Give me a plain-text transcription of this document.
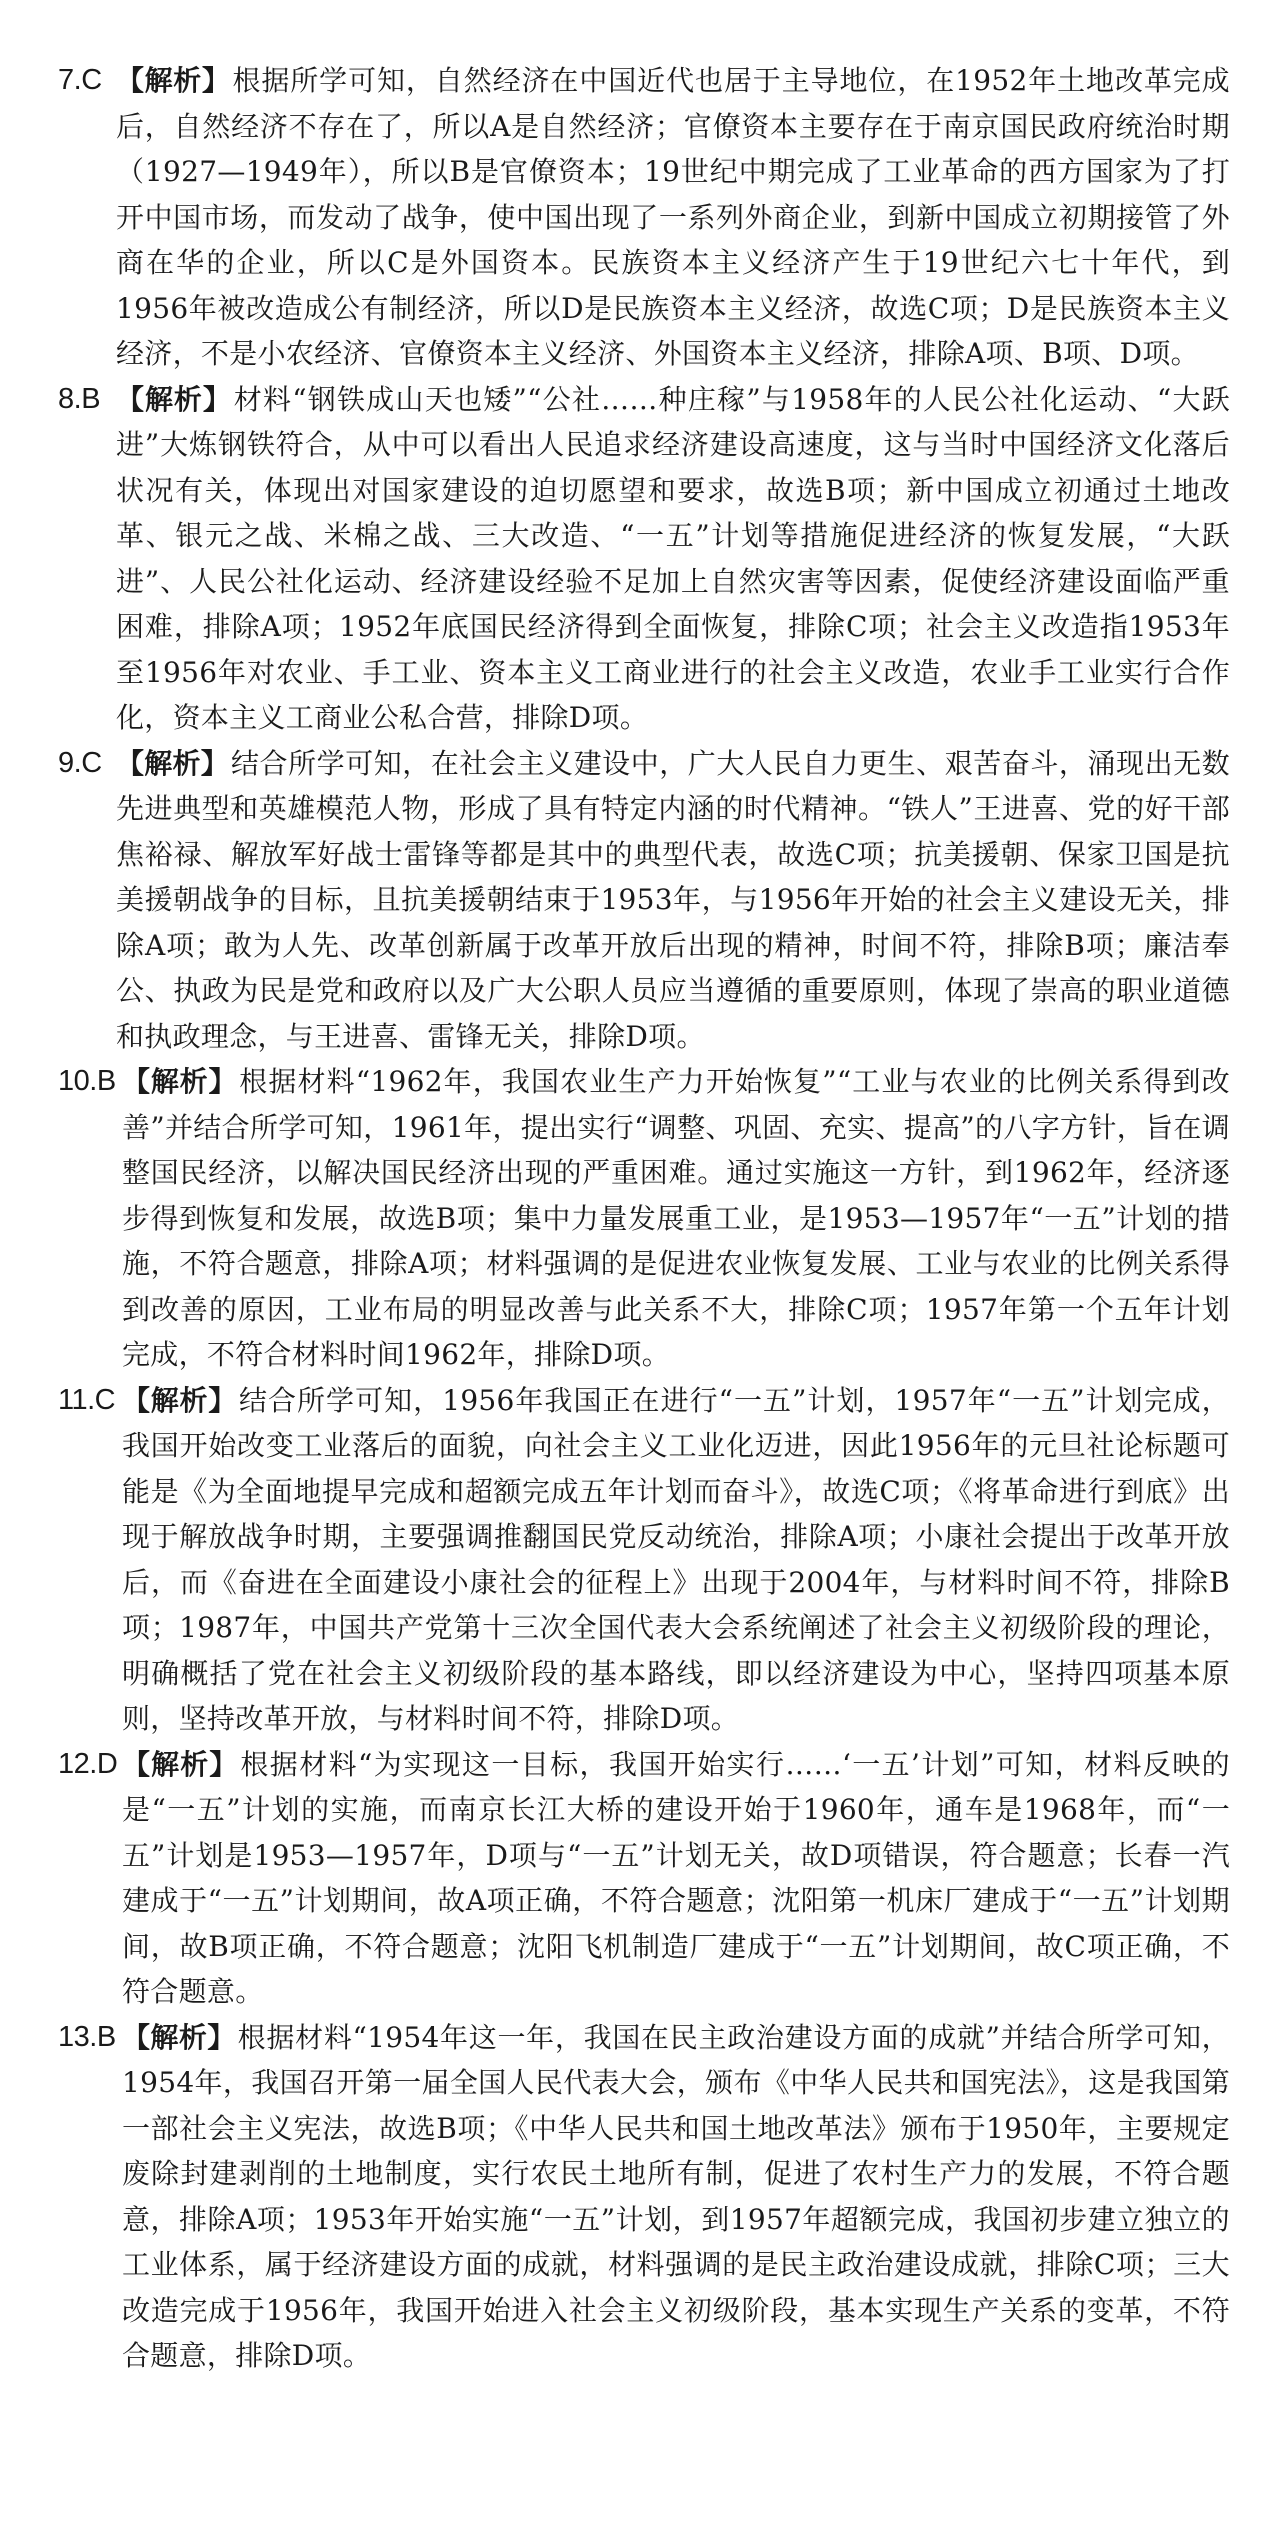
7.C 【解析】根据所学可知，自然经济在中国近代也居于主导地位，在1952年土地改革完成后，自然经济不存在了，所以A是自然经济；官僚资本主要存在于南京国民政府统治时期（1927—1949年），所以B是官僚资本；19世纪中期完成了工业革命的西方国家为了打开中国市场，而发动了战争，使中国出现了一系列外商企业，到新中国成立初期接管了外商在华的企业，所以C是外国资本。民族资本主义经济产生于19世纪六七十年代，到1956年被改造成公有制经济，所以D是民族资本主义经济，故选C项；D是民族资本主义经济，不是小农经济、官僚资本主义经济、外国资本主义经济，排除A项、B项、D项。
8.B 【解析】材料“钢铁成山天也矮”“公社……种庄稼”与1958年的人民公社化运动、“大跃进”大炼钢铁符合，从中可以看出人民追求经济建设高速度，这与当时中国经济文化落后状况有关，体现出对国家建设的迫切愿望和要求，故选B项；新中国成立初通过土地改革、银元之战、米棉之战、三大改造、“一五”计划等措施促进经济的恢复发展，“大跃进”、人民公社化运动、经济建设经验不足加上自然灾害等因素，促使经济建设面临严重困难，排除A项；1952年底国民经济得到全面恢复，排除C项；社会主义改造指1953年至1956年对农业、手工业、资本主义工商业进行的社会主义改造，农业手工业实行合作化，资本主义工商业公私合营，排除D项。
9.C 【解析】结合所学可知，在社会主义建设中，广大人民自力更生、艰苦奋斗，涌现出无数先进典型和英雄模范人物，形成了具有特定内涵的时代精神。“铁人”王进喜、党的好干部焦裕禄、解放军好战士雷锋等都是其中的典型代表，故选C项；抗美援朝、保家卫国是抗美援朝战争的目标，且抗美援朝结束于1953年，与1956年开始的社会主义建设无关，排除A项；敢为人先、改革创新属于改革开放后出现的精神，时间不符，排除B项；廉洁奉公、执政为民是党和政府以及广大公职人员应当遵循的重要原则，体现了崇高的职业道德和执政理念，与王进喜、雷锋无关，排除D项。
10.B 【解析】根据材料“1962年，我国农业生产力开始恢复”“工业与农业的比例关系得到改善”并结合所学可知，1961年，提出实行“调整、巩固、充实、提高”的八字方针，旨在调整国民经济，以解决国民经济出现的严重困难。通过实施这一方针，到1962年，经济逐步得到恢复和发展，故选B项；集中力量发展重工业，是1953—1957年“一五”计划的措施，不符合题意，排除A项；材料强调的是促进农业恢复发展、工业与农业的比例关系得到改善的原因，工业布局的明显改善与此关系不大，排除C项；1957年第一个五年计划完成，不符合材料时间1962年，排除D项。
11.C 【解析】结合所学可知，1956年我国正在进行“一五”计划，1957年“一五”计划完成，我国开始改变工业落后的面貌，向社会主义工业化迈进，因此1956年的元旦社论标题可能是《为全面地提早完成和超额完成五年计划而奋斗》，故选C项；《将革命进行到底》出现于解放战争时期，主要强调推翻国民党反动统治，排除A项；小康社会提出于改革开放后，而《奋进在全面建设小康社会的征程上》出现于2004年，与材料时间不符，排除B项；1987年，中国共产党第十三次全国代表大会系统阐述了社会主义初级阶段的理论，明确概括了党在社会主义初级阶段的基本路线，即以经济建设为中心，坚持四项基本原则，坚持改革开放，与材料时间不符，排除D项。
12.D 【解析】根据材料“为实现这一目标，我国开始实行……‘一五’计划”可知，材料反映的是“一五”计划的实施，而南京长江大桥的建设开始于1960年，通车是1968年，而“一五”计划是1953—1957年，D项与“一五”计划无关，故D项错误，符合题意；长春一汽建成于“一五”计划期间，故A项正确，不符合题意；沈阳第一机床厂建成于“一五”计划期间，故B项正确，不符合题意；沈阳飞机制造厂建成于“一五”计划期间，故C项正确，不符合题意。
13.B 【解析】根据材料“1954年这一年，我国在民主政治建设方面的成就”并结合所学可知，1954年，我国召开第一届全国人民代表大会，颁布《中华人民共和国宪法》，这是我国第一部社会主义宪法，故选B项；《中华人民共和国土地改革法》颁布于1950年，主要规定废除封建剥削的土地制度，实行农民土地所有制，促进了农村生产力的发展，不符合题意，排除A项；1953年开始实施“一五”计划，到1957年超额完成，我国初步建立独立的工业体系，属于经济建设方面的成就，材料强调的是民主政治建设成就，排除C项；三大改造完成于1956年，我国开始进入社会主义初级阶段，基本实现生产关系的变革，不符合题意，排除D项。
